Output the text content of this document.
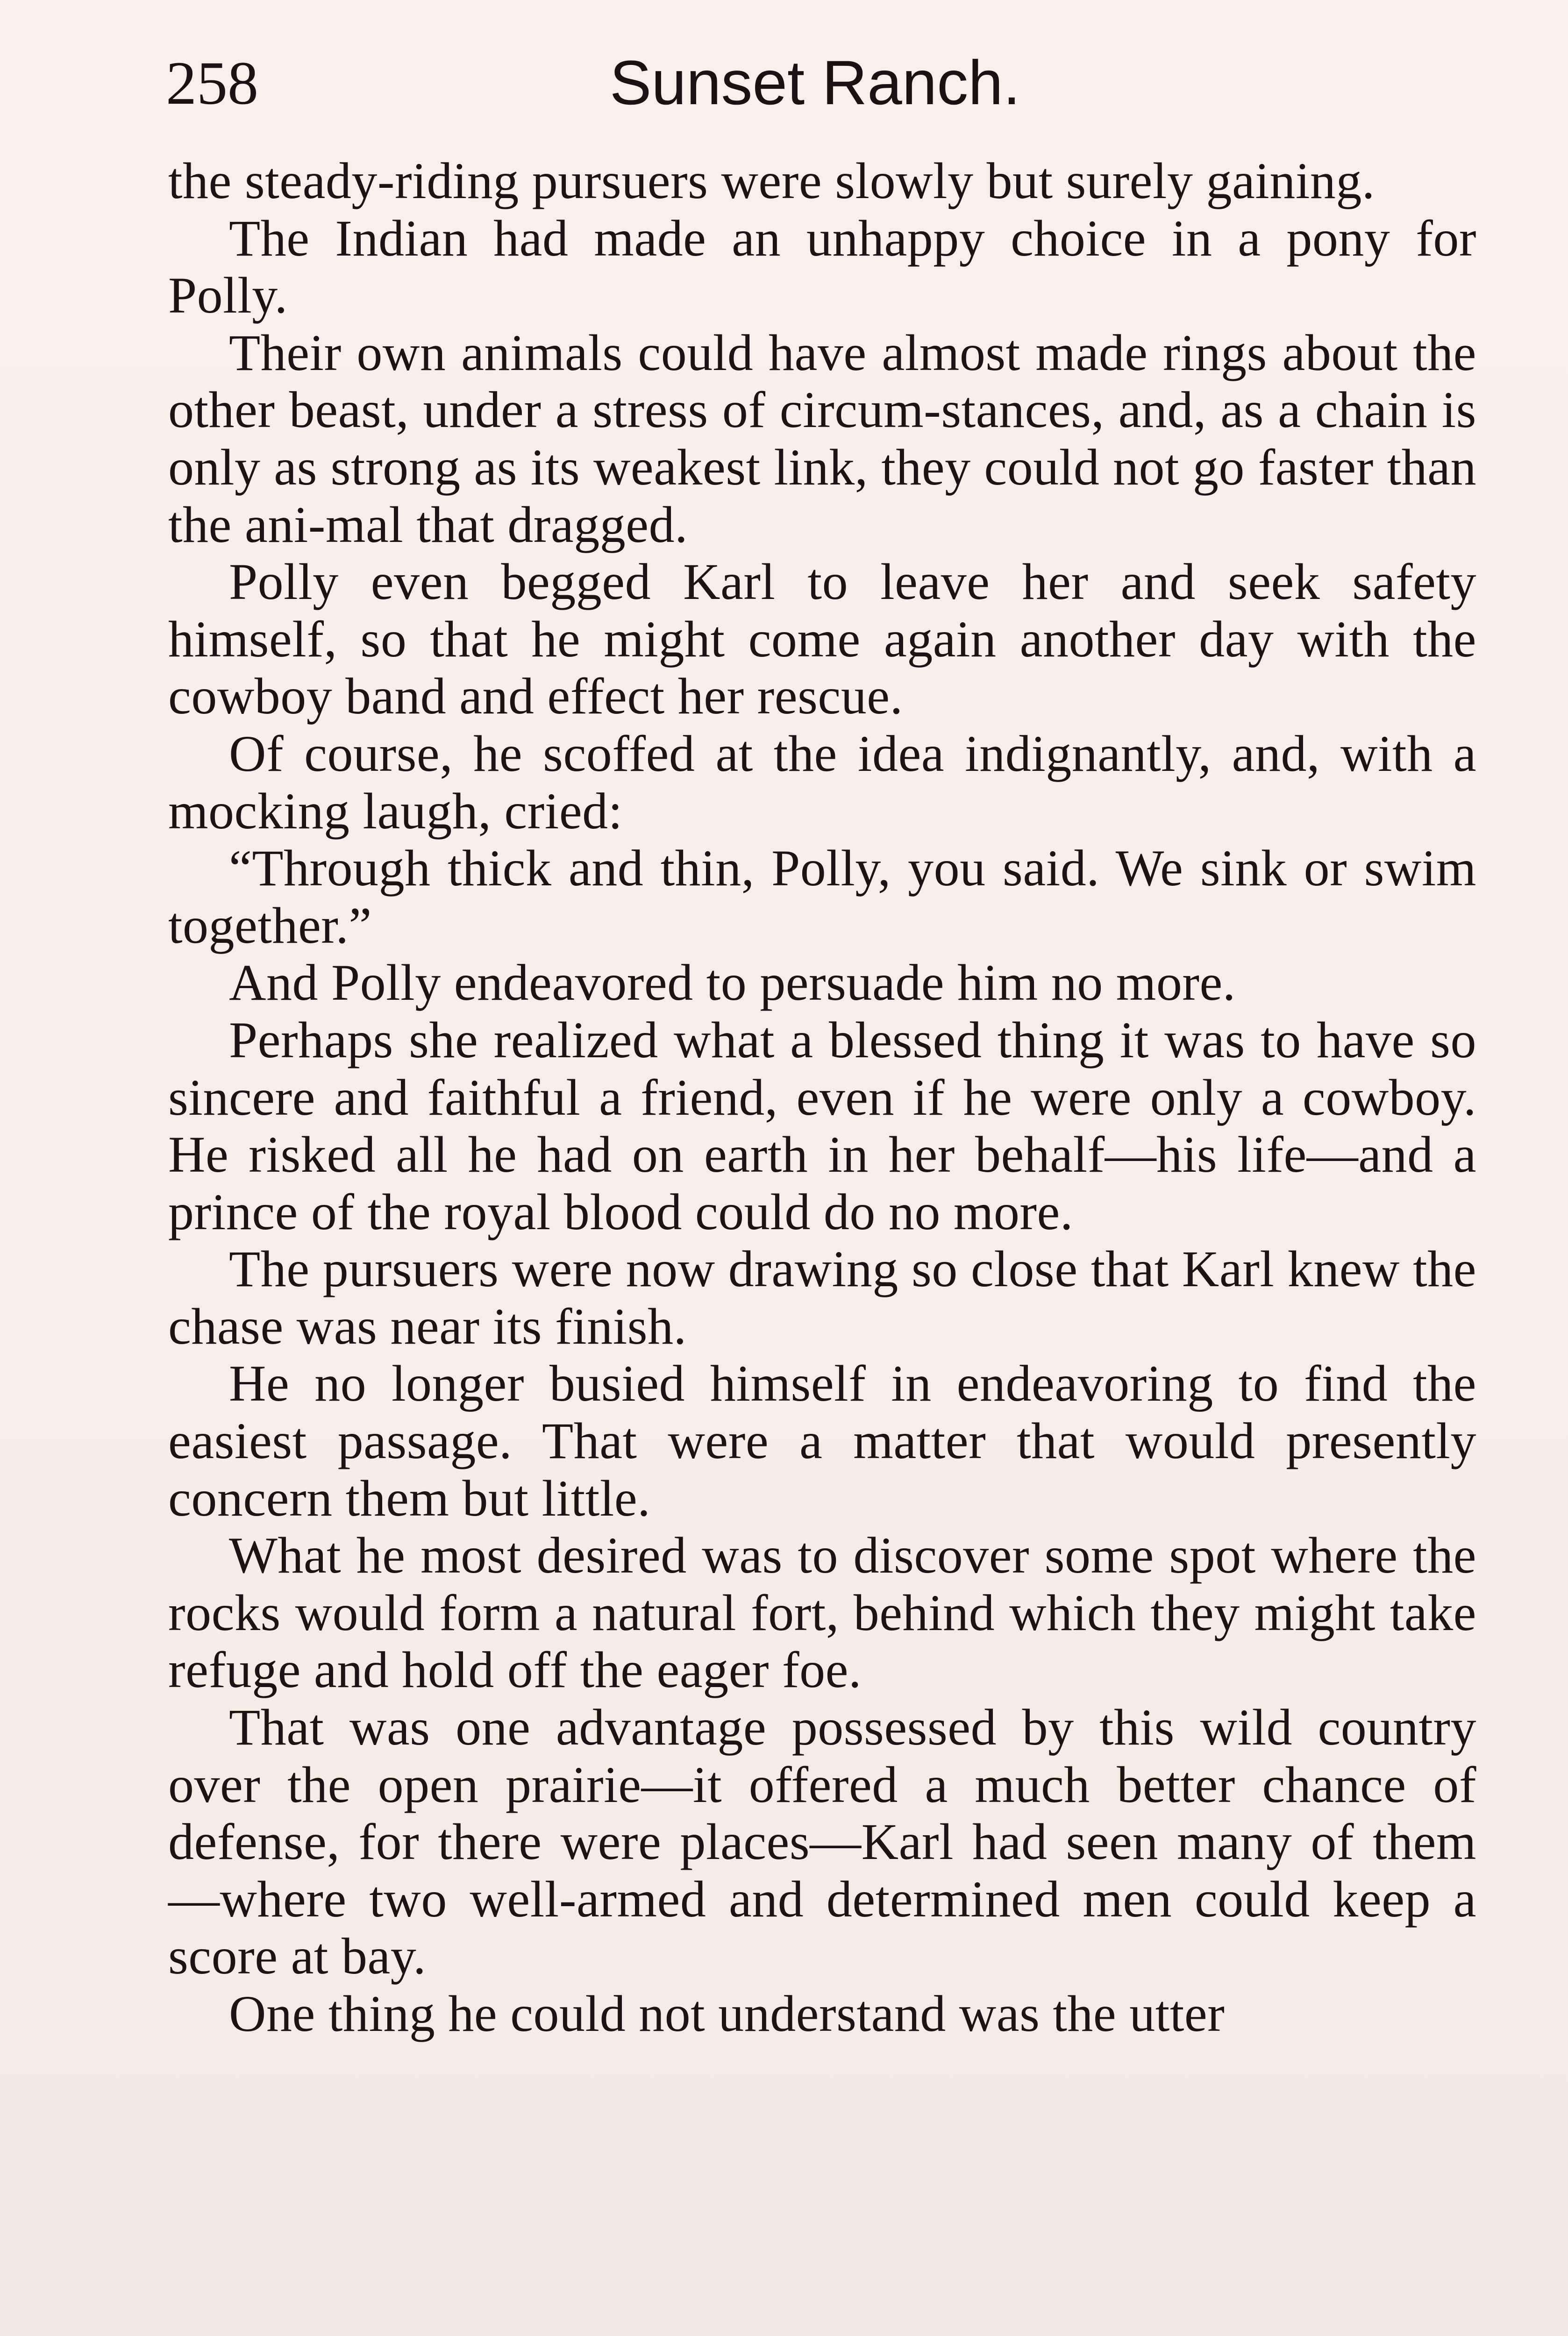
258	Sunset Ranch.

the steady-riding pursuers were slowly but surely gaining.

The Indian had made an unhappy choice in a pony for Polly.

Their own animals could have almost made rings about the other beast, under a stress of circum-stances, and, as a chain is only as strong as its weakest link, they could not go faster than the ani-mal that dragged.

Polly even begged Karl to leave her and seek safety himself, so that he might come again another day with the cowboy band and effect her rescue.

Of course, he scoffed at the idea indignantly, and, with a mocking laugh, cried:

“Through thick and thin, Polly, you said. We sink or swim together.”

And Polly endeavored to persuade him no more.

Perhaps she realized what a blessed thing it was to have so sincere and faithful a friend, even if he were only a cowboy. He risked all he had on earth in her behalf—his life—and a prince of the royal blood could do no more.

The pursuers were now drawing so close that Karl knew the chase was near its finish.

He no longer busied himself in endeavoring to find the easiest passage. That were a matter that would presently concern them but little.

What he most desired was to discover some spot where the rocks would form a natural fort, behind which they might take refuge and hold off the eager foe.

That was one advantage possessed by this wild country over the open prairie—it offered a much better chance of defense, for there were places—Karl had seen many of them—where two well-armed and determined men could keep a score at bay.

One thing he could not understand was the utter
